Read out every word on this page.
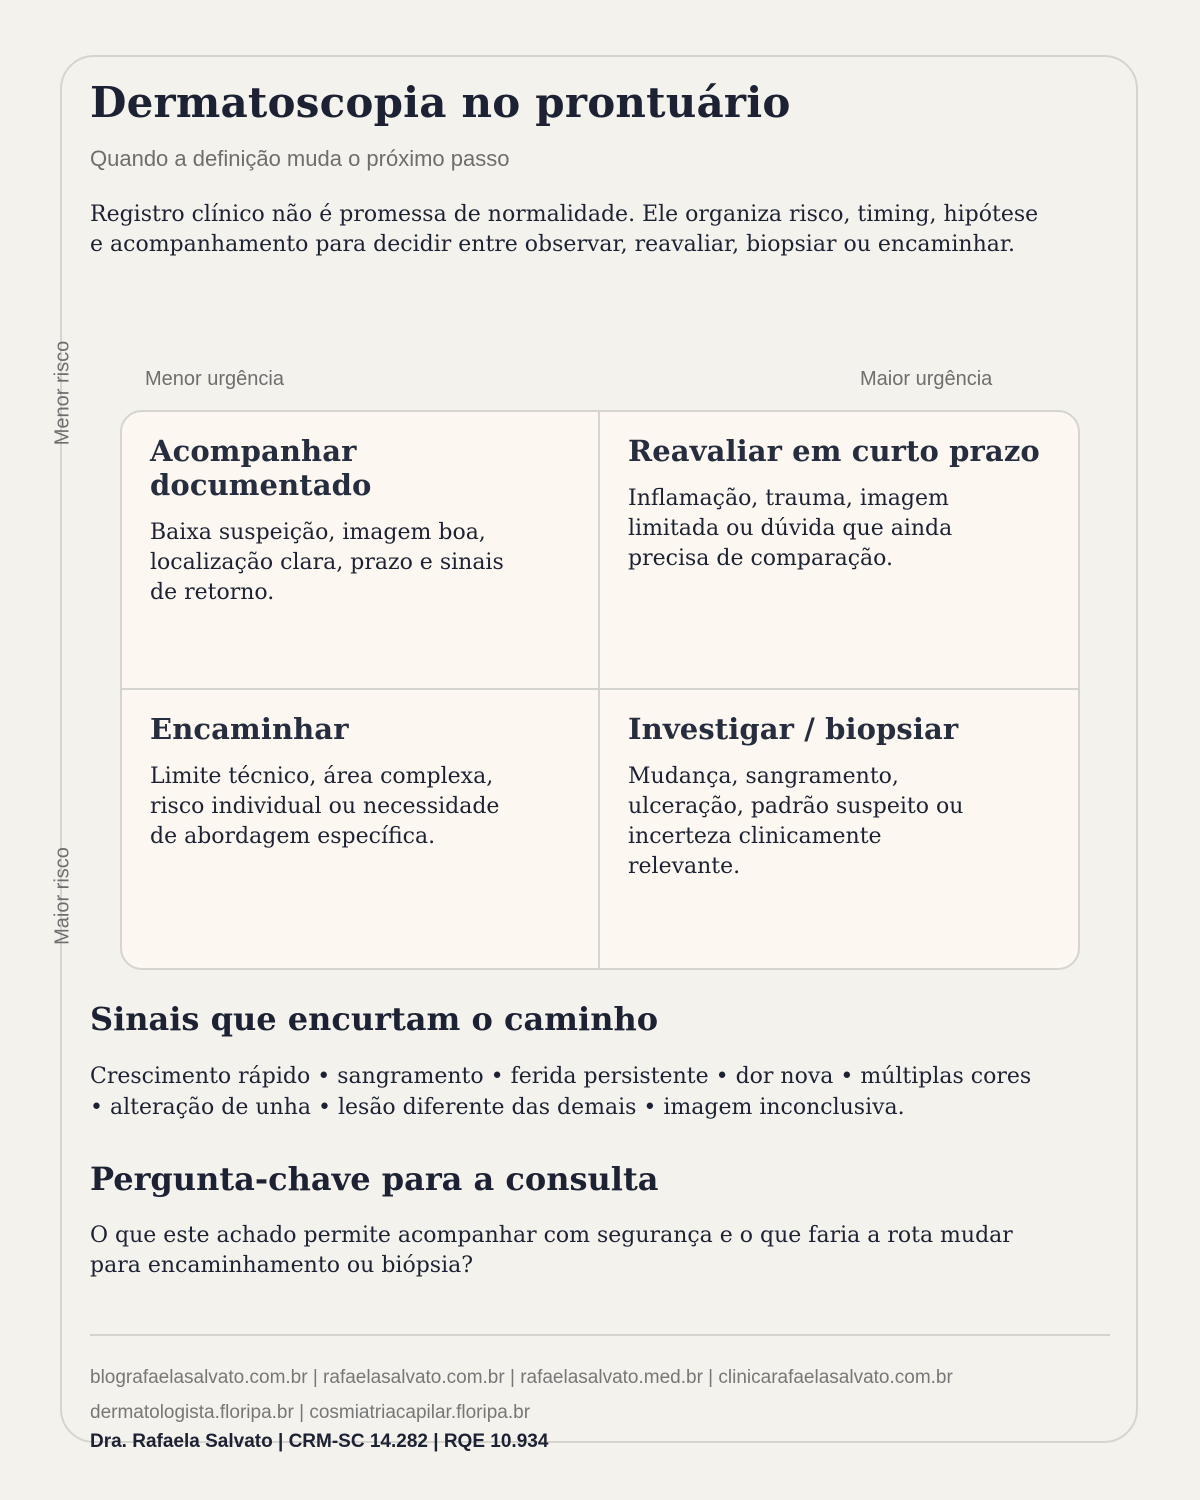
Dermatoscopia no prontuário

Quando a definição muda o próximo passo

Registro clínico não é promessa de normalidade. Ele organiza risco, timing, hipótese e acompanhamento para decidir entre observar, reavaliar, biopsiar ou encaminhar.

Menor urgência	Maior urgência
Menor risco
Maior risco
Acompanhar documentado

Baixa suspeição, imagem boa, localização clara, prazo e sinais de retorno.

Reavaliar em curto prazo

Inflamação, trauma, imagem limitada ou dúvida que ainda precisa de comparação.

Encaminhar

Limite técnico, área complexa, risco individual ou necessidade de abordagem específica.

Investigar / biopsiar

Mudança, sangramento, ulceração, padrão suspeito ou incerteza clinicamente relevante.

Sinais que encurtam o caminho

Crescimento rápido • sangramento • ferida persistente • dor nova • múltiplas cores • alteração de unha • lesão diferente das demais • imagem inconclusiva.

Pergunta-chave para a consulta

O que este achado permite acompanhar com segurança e o que faria a rota mudar para encaminhamento ou biópsia?

blografaelasalvato.com.br | rafaelasalvato.com.br | rafaelasalvato.med.br | clinicarafaelasalvato.com.br dermatologista.floripa.br | cosmiatriacapilar.floripa.br

Dra. Rafaela Salvato | CRM-SC 14.282 | RQE 10.934
